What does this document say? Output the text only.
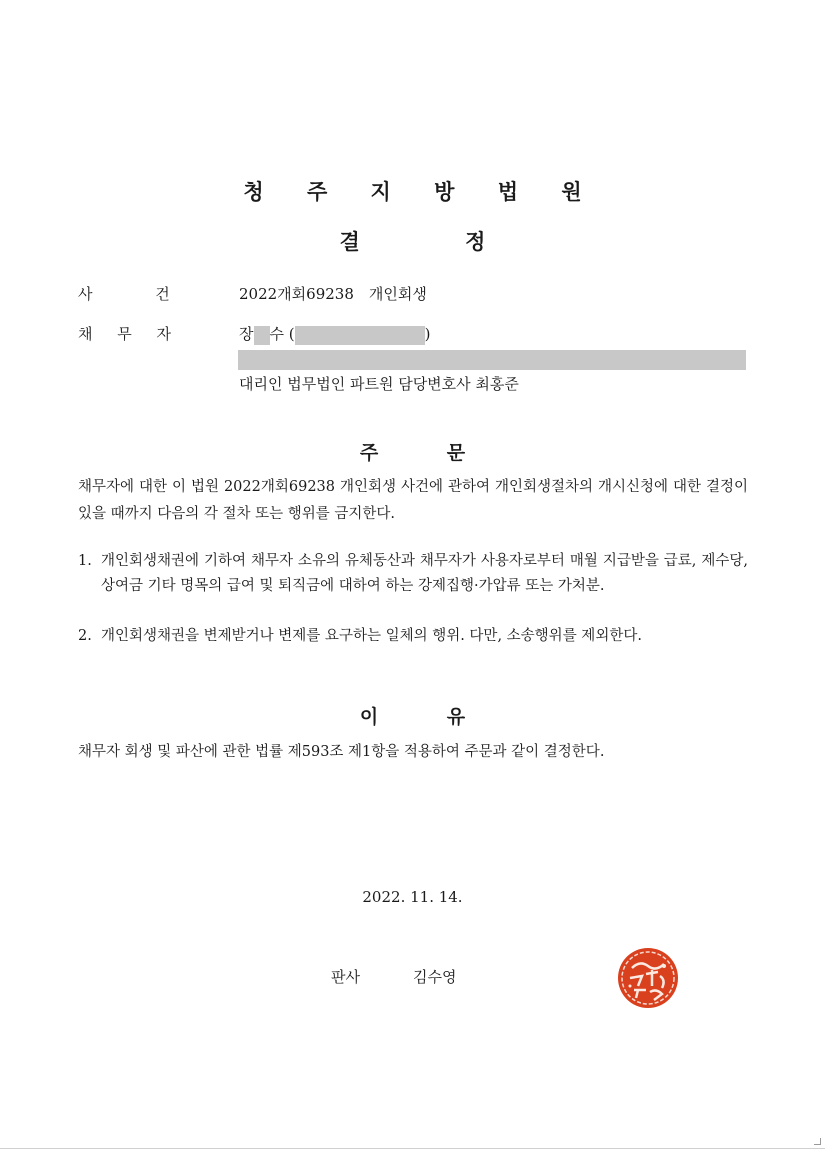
청 주 지 방 법 원
결 정
사 건	2022개회69238　개인회생
채 무 자	장 수 (	)
대리인 법무법인 파트원 담당변호사 최홍준
주 문
채무자에 대한 이 법원 2022개회69238 개인회생 사건에 관하여 개인회생절차의 개시신청에 대한 결정이 있을 때까지 다음의 각 절차 또는 행위를 금지한다.
1. 개인회생채권에 기하여 채무자 소유의 유체동산과 채무자가 사용자로부터 매월 지급받을 급료, 제수당, 상여금 기타 명목의 급여 및 퇴직금에 대하여 하는 강제집행·가압류 또는 가처분.
2. 개인회생채권을 변제받거나 변제를 요구하는 일체의 행위. 다만, 소송행위를 제외한다.
이 유
채무자 회생 및 파산에 관한 법률 제593조 제1항을 적용하여 주문과 같이 결정한다.
2022. 11. 14.
판사	김수영
